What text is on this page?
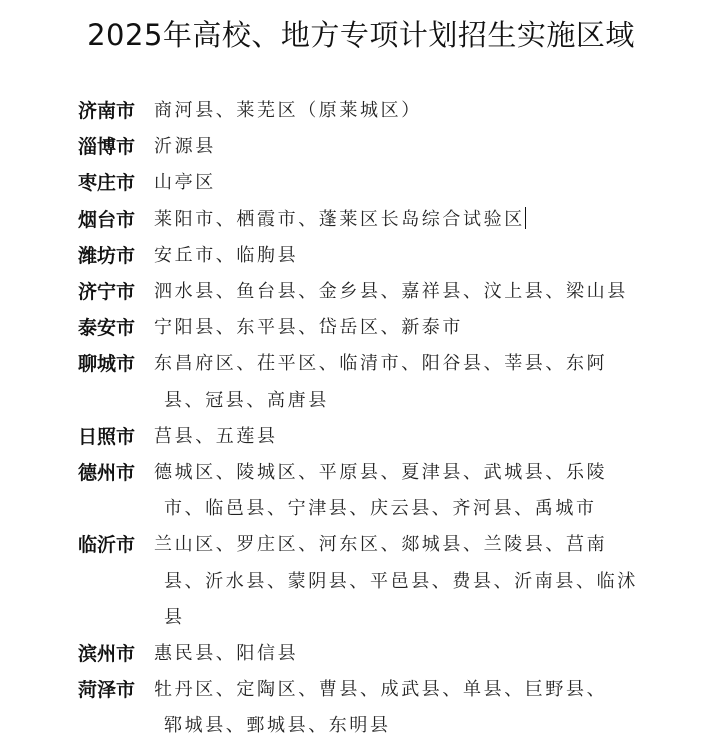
2025年高校、地方专项计划招生实施区域
济南市	商河县、莱芜区（原莱城区）
淄博市	沂源县
枣庄市	山亭区
烟台市	莱阳市、栖霞市、蓬莱区长岛综合试验区
潍坊市	安丘市、临朐县
济宁市	泗水县、鱼台县、金乡县、嘉祥县、汶上县、梁山县
泰安市	宁阳县、东平县、岱岳区、新泰市
聊城市	东昌府区、茌平区、临清市、阳谷县、莘县、东阿
县、冠县、高唐县
日照市	莒县、五莲县
德州市	德城区、陵城区、平原县、夏津县、武城县、乐陵
市、临邑县、宁津县、庆云县、齐河县、禹城市
临沂市	兰山区、罗庄区、河东区、郯城县、兰陵县、莒南
县、沂水县、蒙阴县、平邑县、费县、沂南县、临沭
县
滨州市	惠民县、阳信县
菏泽市	牡丹区、定陶区、曹县、成武县、单县、巨野县、
郓城县、鄄城县、东明县
